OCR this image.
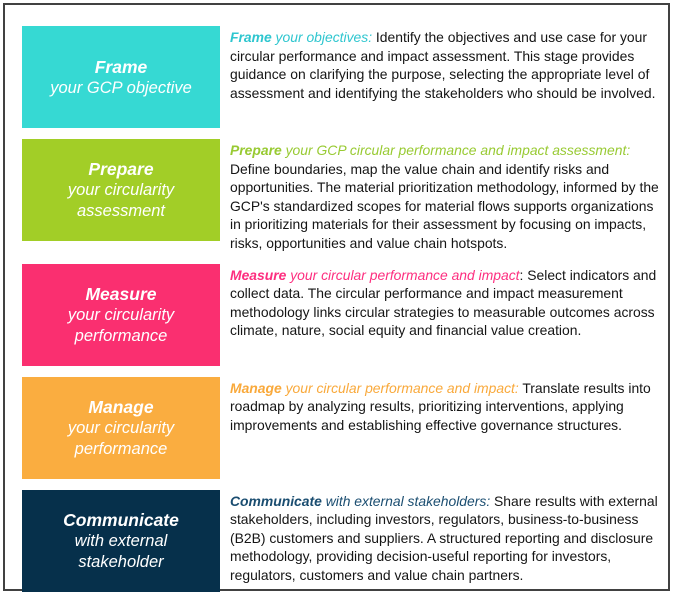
Frame
your GCP objective

Frame your objectives: Identify the objectives and use case for your circular performance and impact assessment. This stage provides guidance on clarifying the purpose, selecting the appropriate level of assessment and identifying the stakeholders who should be involved.

Prepare
your circularity
assessment

Prepare your GCP circular performance and impact assessment: Define boundaries, map the value chain and identify risks and opportunities. The material prioritization methodology, informed by the GCP's standardized scopes for material flows supports organizations in prioritizing materials for their assessment by focusing on impacts, risks, opportunities and value chain hotspots.

Measure
your circularity
performance

Measure your circular performance and impact: Select indicators and collect data. The circular performance and impact measurement methodology links circular strategies to measurable outcomes across climate, nature, social equity and financial value creation.

Manage
your circularity
performance

Manage your circular performance and impact: Translate results into roadmap by analyzing results, prioritizing interventions, applying improvements and establishing effective governance structures.

Communicate
with external
stakeholder

Communicate with external stakeholders: Share results with external stakeholders, including investors, regulators, business-to-business (B2B) customers and suppliers. A structured reporting and disclosure methodology, providing decision-useful reporting for investors, regulators, customers and value chain partners.
